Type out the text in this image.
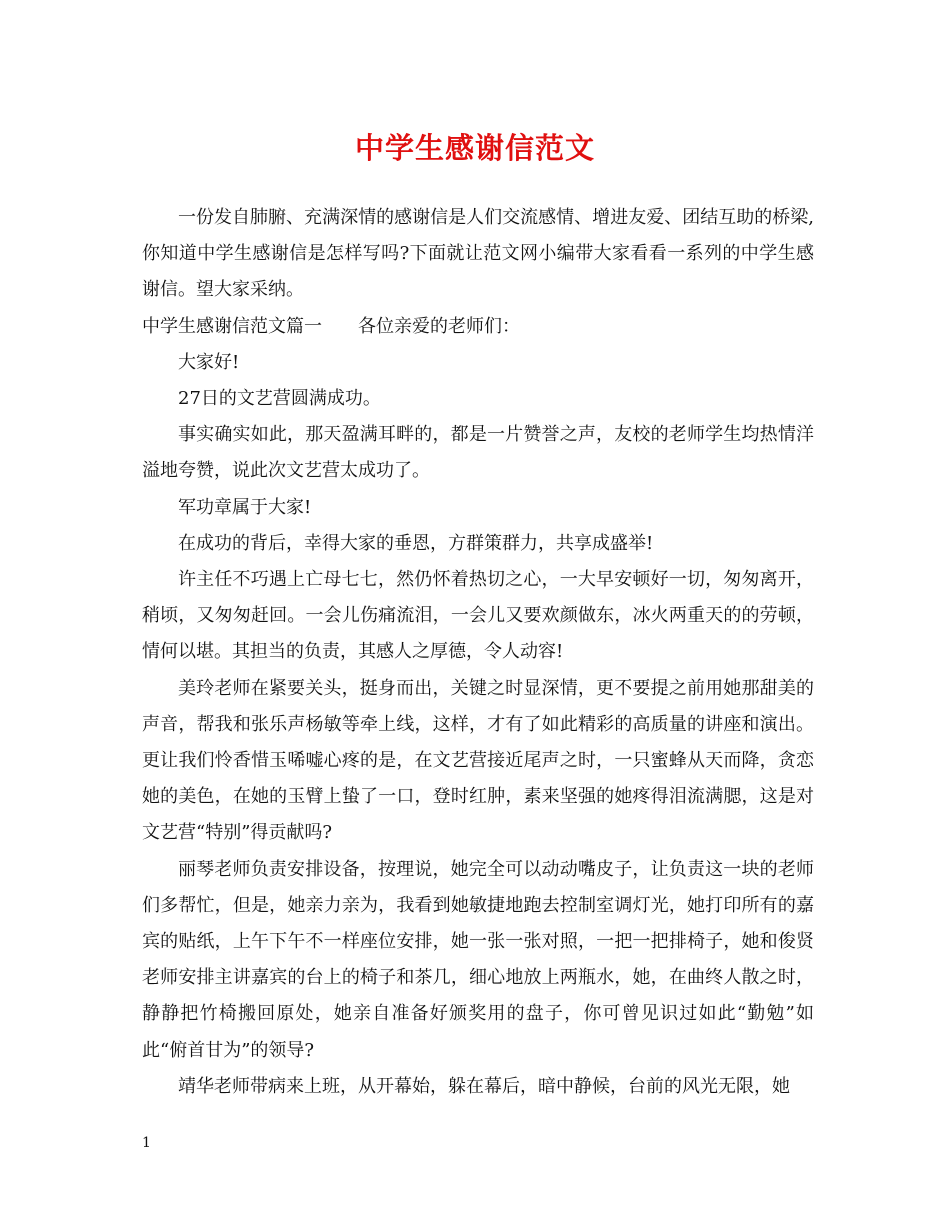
中学生感谢信范文

一份发自肺腑、充满深情的感谢信是人们交流感情、增进友爱、团结互助的桥梁,你知道中学生感谢信是怎样写吗?下面就让范文网小编带大家看看一系列的中学生感谢信。望大家采纳。

中学生感谢信范文篇一　　各位亲爱的老师们：

大家好!

27日的文艺营圆满成功。

事实确实如此，那天盈满耳畔的，都是一片赞誉之声，友校的老师学生均热情洋溢地夸赞，说此次文艺营太成功了。

军功章属于大家!

在成功的背后，幸得大家的垂恩，方群策群力，共享成盛举!

许主任不巧遇上亡母七七，然仍怀着热切之心，一大早安顿好一切，匆匆离开，稍顷，又匆匆赶回。一会儿伤痛流泪，一会儿又要欢颜做东，冰火两重天的的劳顿，情何以堪。其担当的负责，其感人之厚德，令人动容!

美玲老师在紧要关头，挺身而出，关键之时显深情，更不要提之前用她那甜美的声音，帮我和张乐声杨敏等牵上线，这样，才有了如此精彩的高质量的讲座和演出。更让我们怜香惜玉唏嘘心疼的是，在文艺营接近尾声之时，一只蜜蜂从天而降，贪恋她的美色，在她的玉臂上蛰了一口，登时红肿，素来坚强的她疼得泪流满腮，这是对文艺营“特别”得贡献吗?

丽琴老师负责安排设备，按理说，她完全可以动动嘴皮子，让负责这一块的老师们多帮忙，但是，她亲力亲为，我看到她敏捷地跑去控制室调灯光，她打印所有的嘉宾的贴纸，上午下午不一样座位安排，她一张一张对照，一把一把排椅子，她和俊贤老师安排主讲嘉宾的台上的椅子和茶几，细心地放上两瓶水，她，在曲终人散之时，静静把竹椅搬回原处，她亲自准备好颁奖用的盘子，你可曾见识过如此“勤勉”如此“俯首甘为”的领导?

靖华老师带病来上班，从开幕始，躲在幕后，暗中静候，台前的风光无限，她

1
